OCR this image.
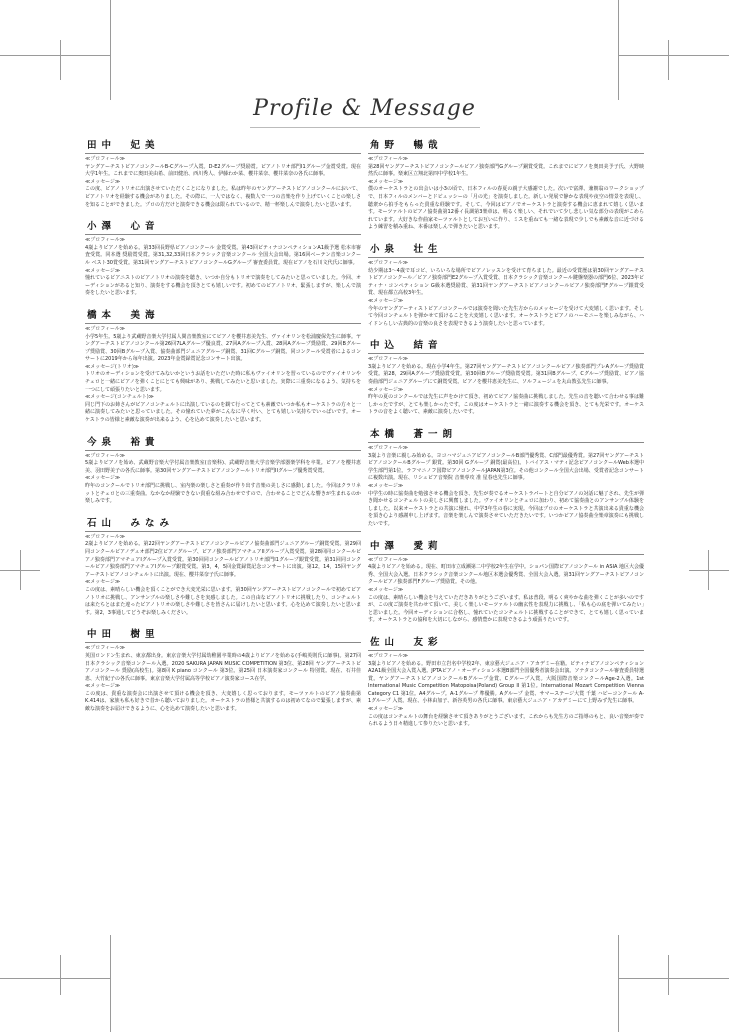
Profile & Message
田中　妃美
≪プロフィール≫
ヤングアーチストピアノコンクールB-Cグループ入賞。D-E2グループ奨励賞。ピアノトリオ部門Ⅰ1グループ金賞受賞。現在大学1年生。これまでに奥田美由希、前田健治、西川秀人、伊藤わか菜、櫻井菜奈、櫻井菜奈の各氏に師事。
≪メッセージ≫
この度、ピアノトリオに出演させていただくことになりました。私は昨年のヤングアーチストピアノコンクールにおいて、ピアノトリオを経験する機会がありました。その際に、一人ではなく、複数人で一つの音楽を作り上げていくことの楽しさを知ることができました。プロの方だけと演奏できる機会は限られているので、精一杯楽しんで演奏したいと思います。
小澤　心音
≪プロフィール≫
4歳よりピアノを始める。第33回長野県ピアノコンクール 金賞受賞。第43回ピティナコンペティションA1級予選 松本市審査受賞。同本選 奨励賞受賞。第31,32,33回日本クラシック音楽コンクール 全国大会出場。第16回ベーテン音楽コンクール ベスト30賞受賞。第31回ヤングアーチストピアノコンクールGグループ 審査委員賞。現在ピアノを石川文代氏に師事。
≪メッセージ≫
憧れているピアニストのピアノトリオの演奏を聴き、いつか自分もトリオで演奏をしてみたいと思っていました。今回、オーディションがあると知り、演奏をする機会を頂きとても嬉しいです。初めてのピアノトリオ、緊張しますが、楽しんで演奏をしたいと思います。
橋本　美海
≪プロフィール≫
小学5年生。5歳より武蔵野音楽大学付属人間音楽教室にてピアノを櫻井恵美先生、ヴァイオリンを松浦慶保先生に師事。ヤングアーチストピアノコンクール第26回7LAグループ優良賞、27回Aグループ入賞、28回Aグループ奨励賞、29回Bグループ奨励賞、30回Bグループ入賞、協奏曲部門ジュニアグループ銅賞、31回Cグループ銅賞。同コンクール受賞者によるコンサートに2019年から毎年出演。2023年金賞録賞記念コンサート出演。
≪メッセージ(トリオ)≫
トリオのオーディションを受けてみないかというお話をいただいた時に私もヴァイオリンを習っているのでヴァイオリンやチェロと一緒にピアノを弾くことにとても興味があり、挑戦してみたいと思いました。実際に三重奏になるよう、気持ちを一つにして頑張りたいと思います。
≪メッセージ(コンチェルト)≫
同じ門下のお姉さんがピアノコンチェルトに出演しているのを観て行ってとても素敵でいつか私もオーケストラの方々と一緒に演奏してみたいと思っていました。その憧れていた夢がこんなに早く叶い、とても嬉しい気持ちでいっぱいです。オーケストラの皆様と素敵な演奏が出来るよう、心を込めて演奏したいと思います。
今泉　裕貴
≪プロフィール≫
5歳よりピアノを始め、武蔵野音楽大学付属音楽教室(音楽科)、武蔵野音楽大学音楽学部器楽学科を卒業。ピアノを櫻井恵美、羽田野美子の各氏に師事。第30回ヤングアーチストピアノコンクールトリオ部門IIグループ優秀賞受賞。
≪メッセージ≫
昨年のコンクールでトリオ部門に挑戦し、室内楽の楽しさと重奏が作り出す音楽の美しさに感動しました。今回はクラリネットとチェロとの三重奏曲。なかなか経験できない貴重な組み合わせですので、合わせることでどんな響きが生まれるのか楽しみです。
石山　みなみ
≪プロフィール≫
2歳よりピアノを始める。第22回ヤングアーチストピアノコンクールピアノ協奏曲部門ジュニアグループ銅賞受賞。第29回同コンクールピアノデュオ部門2位ピアノグループ、ピアノ独奏部門アマチュアIIグループ入賞受賞。第28回同コンクールピアノ独奏部門アマチュアIグループ入賞受賞。第30回同コンクールピアノトリオ部門I1グループ銀賞受賞。第31回同コンクールピアノ独奏部門アマチュアIグループ銀賞受賞。第3，4，5回金賞録賞記念コンサートに出演。第12，14，15回ヤングアーチストピアノコンチェルトに出演。現在、櫻井菜奈子氏に師事。
≪メッセージ≫
この度は、素晴らしい機会を頂くことができ大変光栄に思います。第30回ヤングアーチストピアノコンクールで初めてピアノトリオに挑戦し、アンサンブルの楽しさや難しさを実感しました。この自由なピアノトリオに挑戦したり、コンチェルトは来たちとはまた違ったピアノトリオの楽しさや難しさを皆さんに届けしたいと思います。心を込めて演奏したいと思います。第2，3事通してどうぞお楽しみください。
中田　樹里
≪プロフィール≫
英国ロンドン生まれ、東京都出身。東京音楽大学付属幼稚園卒業時の4歳よりピアノを始める(手嶋英則氏に師事)。第27回 日本クラシック音楽コンクール入選。2020 SAKURA JAPAN MUSIC COMPETITION 第3位、第28回 ヤングアーチストピアノコンクール 奨励(高校生)。第8回 K piano コンクール 第3位。第25回 日本演奏家コンクール 特別賞。現在、石井佳恵、大竹紀子の各氏に師事。東京音楽大学付属高等学校ピアノ演奏家コース在学。
≪メッセージ≫
この度は、貴重な演奏会に出演させて頂ける機会を頂き、大変嬉しく思っております。モーツァルトのピアノ協奏曲第K.414は、家族も私も好きで昔から聴いておりました。オーケストラの皆様と共演するのは初めてなので緊張しますが、素敵な演奏をお届けできるように、心を込めて演奏したいと思います。
角野　暢哉
≪プロフィール≫
第28回ヤングアーチストピアノコンクールピアノ独奏部門Gグループ銅賞受賞。これまでにピアノを奥田美予子氏、大野映然氏に師事。楽東区立翔北第四中学校1年生。
≪メッセージ≫
僕のオーケストラとの出会いは小3の頃で、日本フィルの春夏の親子大感謝でした。次いで富澤、兼朝翁のワークショップで、日本フィルのメンバーとドビュッシーの「月の光」を演奏しました。新しい発展で静かな表現や夜空の情景を表現し、聴衆から拍手をもらった貴重な経験です。そして、今回はピアノでオーケストラと演奏する機会に恵まれて嬉しく思います。モーツァルトのピアノ協奏曲第12番イ長調第3楽章は、明るく楽しい、それでいて少し悲しい気な部分の表現がこめられています。大好きな作曲家モーツァルトとしてお互いに作り、ミスを重ねても一緒な表現で少しでも素敵な音に近づけるよう練習を積み重ね、本番は楽しんで弾きたいと思います。
小泉　壮生
≪プロフィール≫
幼少期は3〜4歳で耳コピ、いろいろな場所でピアノレッスンを受けて育ちました。最近の受賞歴は第30回ヤングアーチストピアノコンクール／ピアノ独奏部門E2グループ入賞受賞、日本クラシック音楽コンクール鍵盤楽器の部門6位、2023年ピティナ・コンペティション G級本選奨励賞、第31回ヤングアーチストピアノコンクールピアノ独奏部門Fグループ銀賞受賞、現在都立高校3年生。
≪メッセージ≫
今年のヤングアーティストピアノコンクールでは演奏を聞いた先生方からのメッセージを受けて大変嬉しく思います。そして今回コンチェルトを弾かせて頂けることを大変嬉しく思います。オーケストラとピアノのハーモニーを楽しみながら、ハイドンらしい古典的の音楽の良さを表現できるよう演奏したいと思っています。
中込　結音
≪プロフィール≫
3歳よりピアノを始める。現在小学4年生。第27回ヤングアーチストピアノコンクールピアノ独奏部門プレAグループ奨励賞受賞。第28，29回Aグループ奨励賞受賞。第30回Bグループ奨励賞受賞。第31回Bグループ、Cグループ奨励賞、ピアノ協奏曲部門ジュニアグループにて銅賞受賞。ピアノを櫻井恵美先生に、ソルフェージュを丸山教弘先生に師事。
≪メッセージ≫
昨年の夏のコンクールでは先生に声をかけて頂き、初めてピアノ協奏曲に挑戦しました。先生の音を聴いて合わせる事は難しかったですが、とても楽しかったです。この度はオーケストラと一緒に演奏する機会を頂き、とても光栄です。オーケストラの音をよく聴いて、素敵に演奏したいです。
本橋　蒼一朗
≪プロフィール≫
3歳より音楽に親しみ始める。ヨコハマジュニアピアノコンクールB部門優秀賞、C部門最優秀賞。第27回ヤングアーチストピアノコンクールBグループ 銀賞。第30回 Gグループ 銅賞(最高位)。トバイアス・マティ記念ピアノコンクールWeb本選中学生部門第1位。ラフマニノフ国際ピアノコンクールJAPAN第3位。その他コンクール全国大会出場、受賞者記念コンサートに複数出演。現在、リシュピア音楽院 音楽専攻 准 星春也先生に師事。
≪メッセージ≫
中学生の時に協奏曲を勉強させる機会を頂き、先生が奏でるオーケストラパートと自分ピアノの対話に魅了され、先生が弾き聞かせるコンチェルトの美しさに興奮しました。ヴァイオリンとチェロに加わり、初めて協奏曲とのアンサンブル体験をしました。以来オーケストラとの共演に憧れ、中学3年生の春に実現。今回はプロのオーケストラと共演出来る貴重な機会を頂き心より感謝申し上げます。音楽を楽しんで演奏させていただきたいです。いつかピアノ協奏曲全楽章演奏にも挑戦したいです。
中澤　愛莉
≪プロフィール≫
4歳よりピアノを始める。現在、町田市立成瀬第二中学校2年生在学中。ショパン国際ピアノコンクール in ASIA 地区大会優秀、全国大会入選。日本クラシック音楽コンクール地区本選会優秀賞、全国大会入選。第31回ヤングアーチストピアノコンクールピアノ独奏部門Fグループ奨励賞。その他。
≪メッセージ≫
この度は、素晴らしい機会を与えていただきありがとうございます。私は普段、明るく爽やかな曲を弾くことが多いのですが、この度ご演奏を共わせて頂いて、美しく楽しいモーツァルトの幽玄性を表現力に挑戦し、「私も心の底を弾いてみたい」と思いました。今回オーディションに合格し、憧れていたコンチェルトに挑戦することができて、とても嬉しく思っています。オーケストラとの協和を大切にしながら、感情豊かに表現できるよう頑張りたいです。
佐山　友彩
≪プロフィール≫
3歳よりピアノを始める。野田市立岩名中学校2年、東京藝大ジュニア・アカデミー在籍。ピティナピアノコンペティションA2A1級全国大会入賞入選。JPTAピアノ・オーディション本選B部門全国優秀者演奏会出演。ソナタコンクール審査委員特選賞。ヤングアーチストピアノコンクールBグループ金賞、Cグループ入賞。大阪国際音楽コンクールAge-2入選。1st International Music Competition Matopoisa(Poland) Group II 第1位。International Mozart Competition Vienna Category C1 第1位。A4グループ。A-1グループ 準優勝。Aグループ 金賞、サマーステージ大賞 千葉 ハピーコンクール A-1グループ 入賞。現在、小林由加子、新谷英男の各氏に師事。東京藝大ジュニア・アカデミーにて上野みず先生に師事。
≪メッセージ≫
この度はコンチェルトの舞台を経験させて頂きありがとうございます。これからも先生方のご指導のもと、良い音楽が奏でられるよう日々精進して参りたいと思います。
